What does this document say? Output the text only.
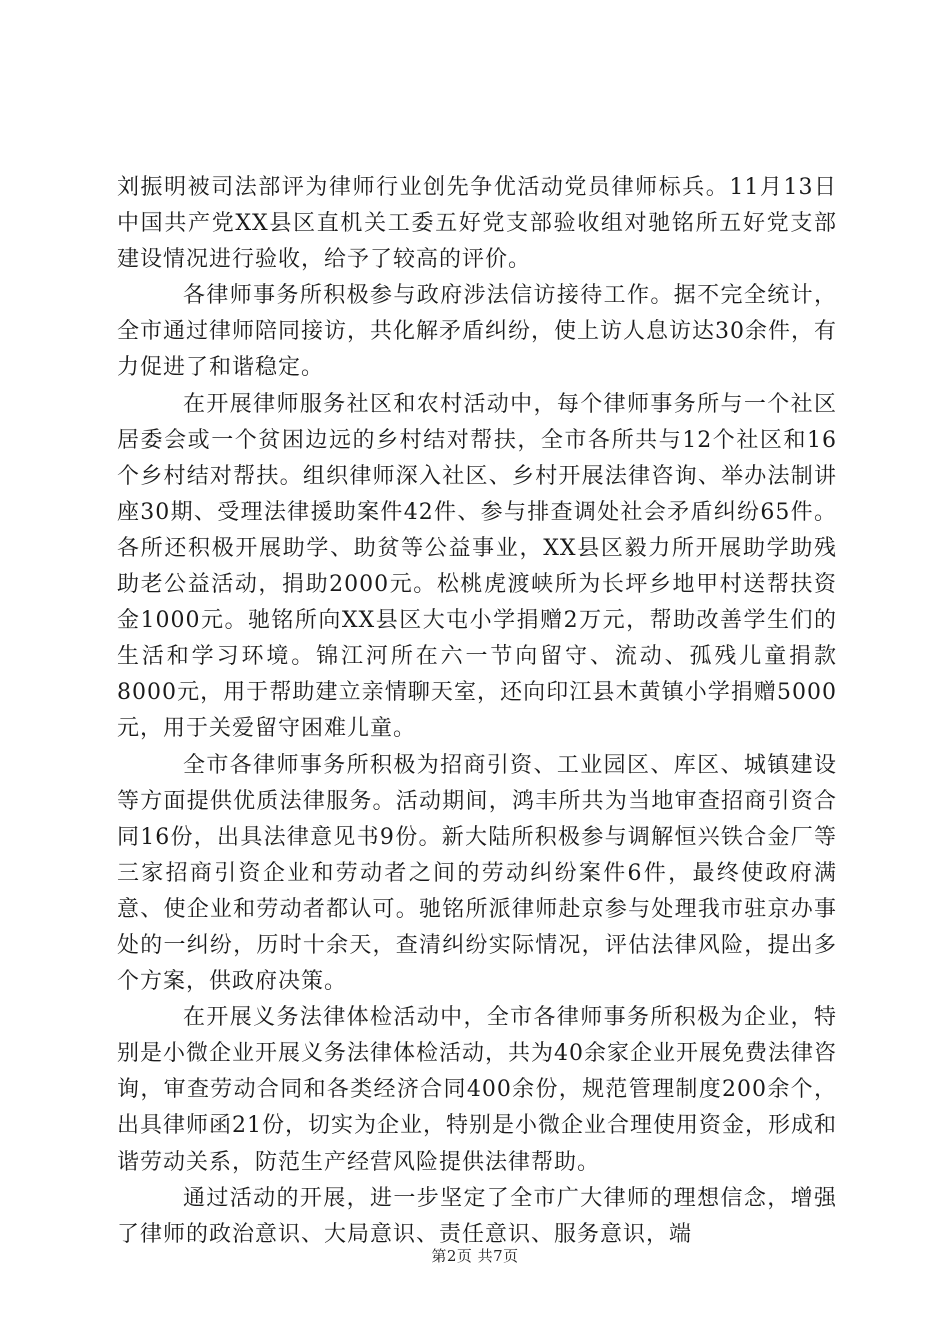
刘振明被司法部评为律师行业创先争优活动党员律师标兵。11月13日中国共产党XX县区直机关工委五好党支部验收组对驰铭所五好党支部建设情况进行验收，给予了较高的评价。

各律师事务所积极参与政府涉法信访接待工作。据不完全统计，全市通过律师陪同接访，共化解矛盾纠纷，使上访人息访达30余件，有力促进了和谐稳定。

在开展律师服务社区和农村活动中，每个律师事务所与一个社区居委会或一个贫困边远的乡村结对帮扶，全市各所共与12个社区和16个乡村结对帮扶。组织律师深入社区、乡村开展法律咨询、举办法制讲座30期、受理法律援助案件42件、参与排查调处社会矛盾纠纷65件。各所还积极开展助学、助贫等公益事业，XX县区毅力所开展助学助残助老公益活动，捐助2000元。松桃虎渡峡所为长坪乡地甲村送帮扶资金1000元。驰铭所向XX县区大屯小学捐赠2万元，帮助改善学生们的生活和学习环境。锦江河所在六一节向留守、流动、孤残儿童捐款8000元，用于帮助建立亲情聊天室，还向印江县木黄镇小学捐赠5000元，用于关爱留守困难儿童。

全市各律师事务所积极为招商引资、工业园区、库区、城镇建设等方面提供优质法律服务。活动期间，鸿丰所共为当地审查招商引资合同16份，出具法律意见书9份。新大陆所积极参与调解恒兴铁合金厂等三家招商引资企业和劳动者之间的劳动纠纷案件6件，最终使政府满意、使企业和劳动者都认可。驰铭所派律师赴京参与处理我市驻京办事处的一纠纷，历时十余天，查清纠纷实际情况，评估法律风险，提出多个方案，供政府决策。

在开展义务法律体检活动中，全市各律师事务所积极为企业，特别是小微企业开展义务法律体检活动，共为40余家企业开展免费法律咨询，审查劳动合同和各类经济合同400余份，规范管理制度200余个，出具律师函21份，切实为企业，特别是小微企业合理使用资金，形成和谐劳动关系，防范生产经营风险提供法律帮助。

通过活动的开展，进一步坚定了全市广大律师的理想信念，增强了律师的政治意识、大局意识、责任意识、服务意识，端

第2页 共7页
